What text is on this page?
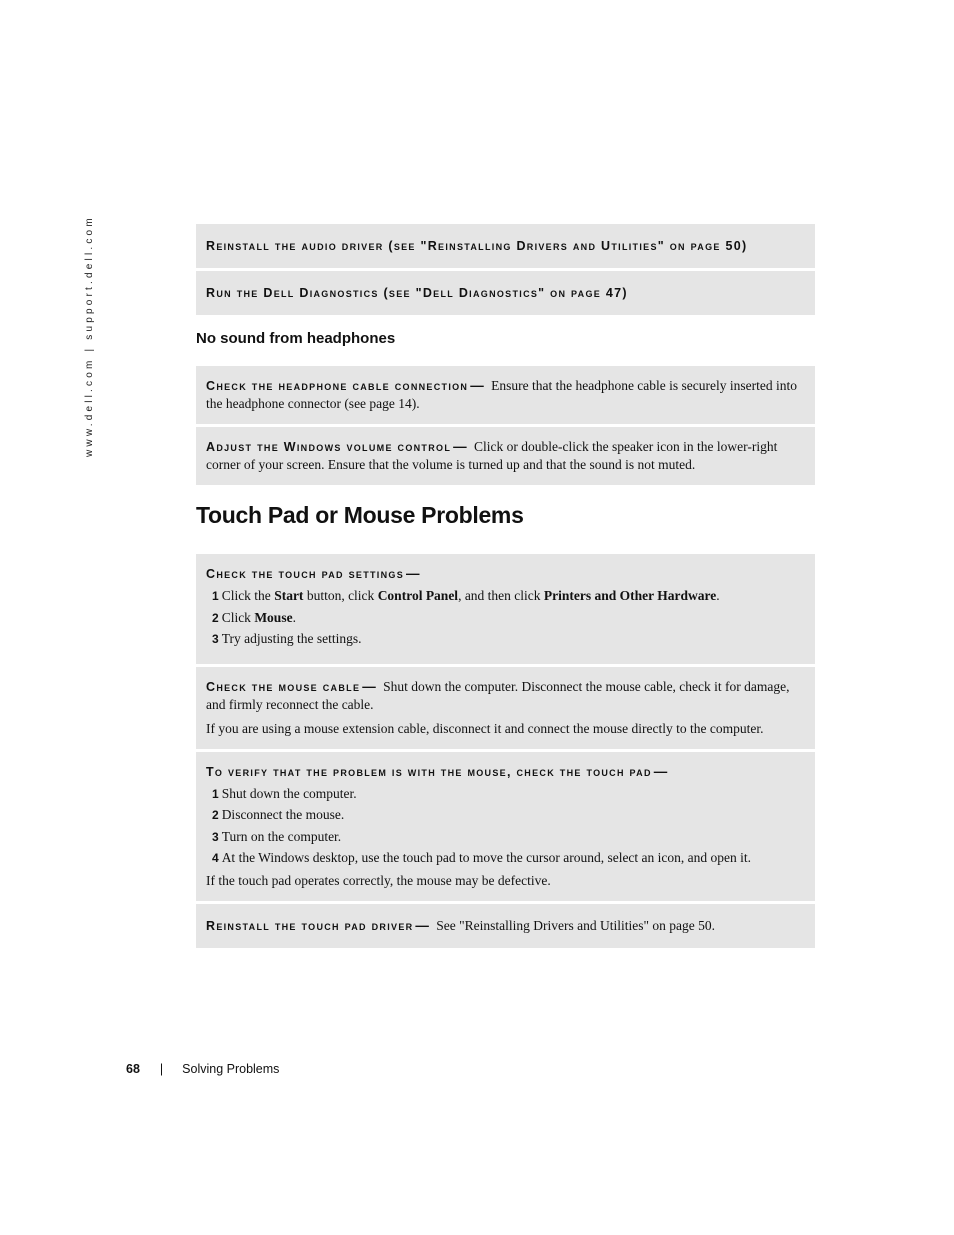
www.dell.com | support.dell.com	Reinstall the audio driver (see "Reinstalling Drivers and Utilities" on page 50)
Run the Dell Diagnostics (see "Dell Diagnostics" on page 47)
No sound from headphones

Check the headphone cable connection — Ensure that the headphone cable is securely inserted into the headphone connector (see page 14).

Adjust the Windows volume control — Click or double-click the speaker icon in the lower-right corner of your screen. Ensure that the volume is turned up and that the sound is not muted.

Touch Pad or Mouse Problems
Check the touch pad settings —
1 Click the Start button, click Control Panel, and then click Printers and Other Hardware.
2 Click Mouse.
3 Try adjusting the settings.

Check the mouse cable — Shut down the computer. Disconnect the mouse cable, check it for damage, and firmly reconnect the cable.

If you are using a mouse extension cable, disconnect it and connect the mouse directly to the computer.

To verify that the problem is with the mouse, check the touch pad —
1 Shut down the computer.
2 Disconnect the mouse.
3 Turn on the computer.
4 At the Windows desktop, use the touch pad to move the cursor around, select an icon, and open it.

If the touch pad operates correctly, the mouse may be defective.

Reinstall the touch pad driver — See "Reinstalling Drivers and Utilities" on page 50.

68 | Solving Problems
